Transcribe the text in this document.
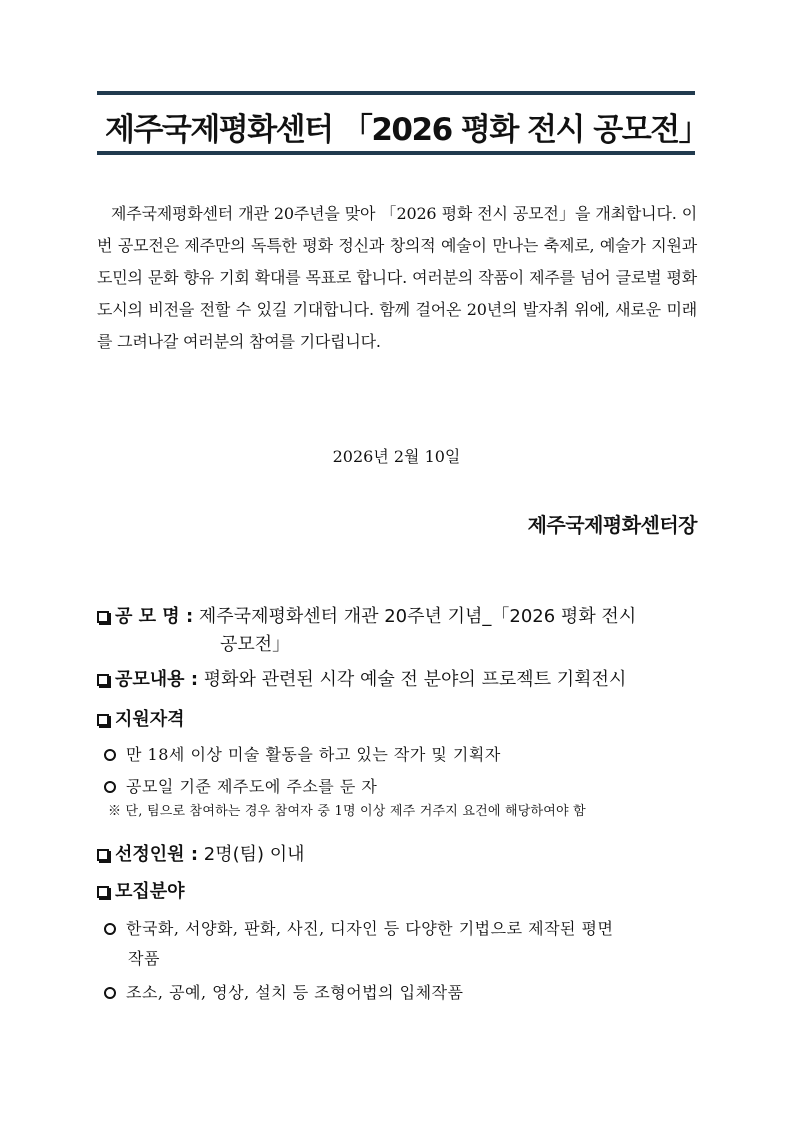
제주국제평화센터 「2026 평화 전시 공모전」

제주국제평화센터 개관 20주년을 맞아 「2026 평화 전시 공모전」을 개최합니다. 이번 공모전은 제주만의 독특한 평화 정신과 창의적 예술이 만나는 축제로, 예술가 지원과 도민의 문화 향유 기회 확대를 목표로 합니다. 여러분의 작품이 제주를 넘어 글로벌 평화 도시의 비전을 전할 수 있길 기대합니다. 함께 걸어온 20년의 발자취 위에, 새로운 미래를 그려나갈 여러분의 참여를 기다립니다.

2026년 2월 10일
제주국제평화센터장
공 모 명 : 제주국제평화센터 개관 20주년 기념_「2026 평화 전시
공모전」
공모내용 : 평화와 관련된 시각 예술 전 분야의 프로젝트 기획전시
지원자격
만 18세 이상 미술 활동을 하고 있는 작가 및 기획자
공모일 기준 제주도에 주소를 둔 자
※ 단, 팀으로 참여하는 경우 참여자 중 1명 이상 제주 거주지 요건에 해당하여야 함
선정인원 : 2명(팀) 이내
모집분야
한국화, 서양화, 판화, 사진, 디자인 등 다양한 기법으로 제작된 평면
작품
조소, 공예, 영상, 설치 등 조형어법의 입체작품
